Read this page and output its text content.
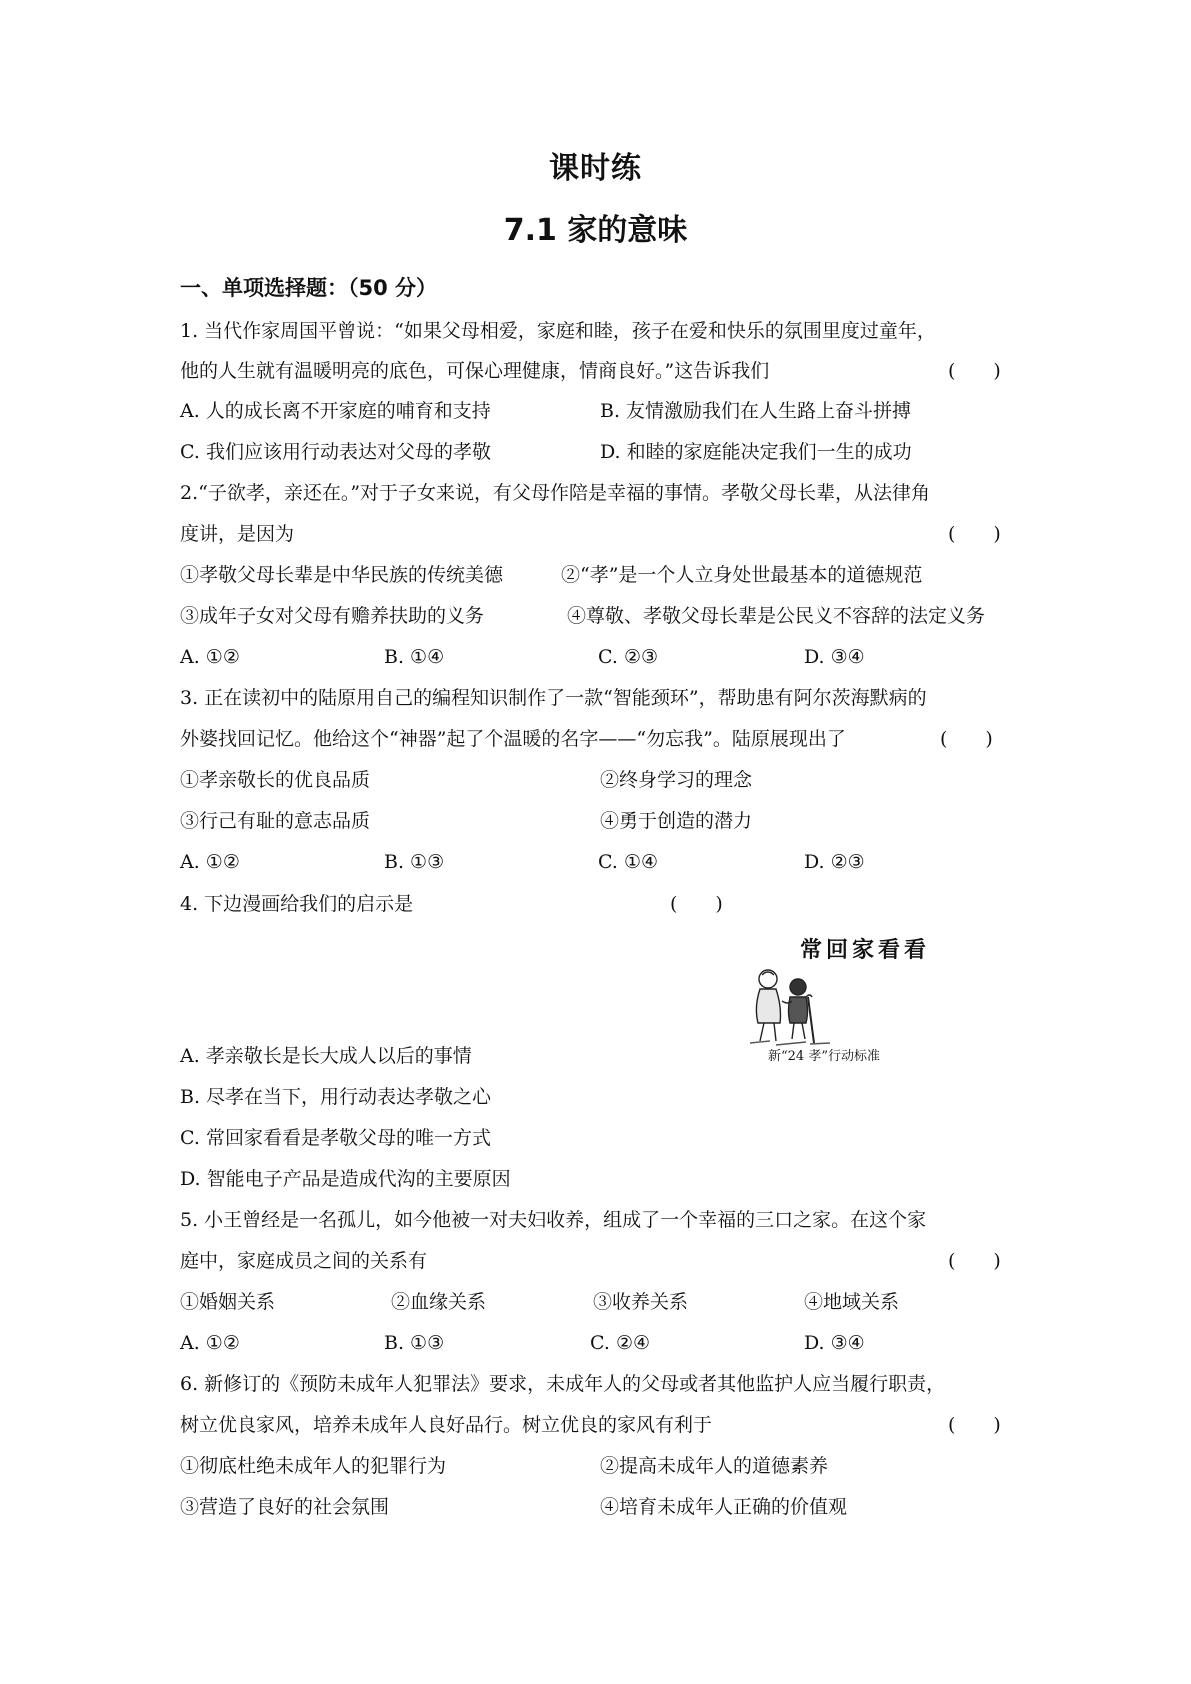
课时练
7.1 家的意味
一、单项选择题：（50 分）
1. 当代作家周国平曾说：“如果父母相爱，家庭和睦，孩子在爱和快乐的氛围里度过童年，
他的人生就有温暖明亮的底色，可保心理健康，情商良好。”这告诉我们	(　　)
A. 人的成长离不开家庭的哺育和支持	B. 友情激励我们在人生路上奋斗拼搏
C. 我们应该用行动表达对父母的孝敬	D. 和睦的家庭能决定我们一生的成功
2.“子欲孝，亲还在。”对于子女来说，有父母作陪是幸福的事情。孝敬父母长辈，从法律角
度讲，是因为	(　　)
①孝敬父母长辈是中华民族的传统美德	②“孝”是一个人立身处世最基本的道德规范
③成年子女对父母有赡养扶助的义务	④尊敬、孝敬父母长辈是公民义不容辞的法定义务
A. ①②	B. ①④	C. ②③	D. ③④
3. 正在读初中的陆原用自己的编程知识制作了一款“智能颈环”，帮助患有阿尔茨海默病的
外婆找回记忆。他给这个“神器”起了个温暖的名字——“勿忘我”。陆原展现出了	(　　)
①孝亲敬长的优良品质	②终身学习的理念
③行己有耻的意志品质	④勇于创造的潜力
A. ①②	B. ①③	C. ①④	D. ②③
4. 下边漫画给我们的启示是	(　　)
常回家看看
新“24 孝”行动标准
A. 孝亲敬长是长大成人以后的事情
B. 尽孝在当下，用行动表达孝敬之心
C. 常回家看看是孝敬父母的唯一方式
D. 智能电子产品是造成代沟的主要原因
5. 小王曾经是一名孤儿，如今他被一对夫妇收养，组成了一个幸福的三口之家。在这个家
庭中，家庭成员之间的关系有	(　　)
①婚姻关系	②血缘关系	③收养关系	④地域关系
A. ①②	B. ①③	C. ②④	D. ③④
6. 新修订的《预防未成年人犯罪法》要求，未成年人的父母或者其他监护人应当履行职责，
树立优良家风，培养未成年人良好品行。树立优良的家风有利于	(　　)
①彻底杜绝未成年人的犯罪行为	②提高未成年人的道德素养
③营造了良好的社会氛围	④培育未成年人正确的价值观
